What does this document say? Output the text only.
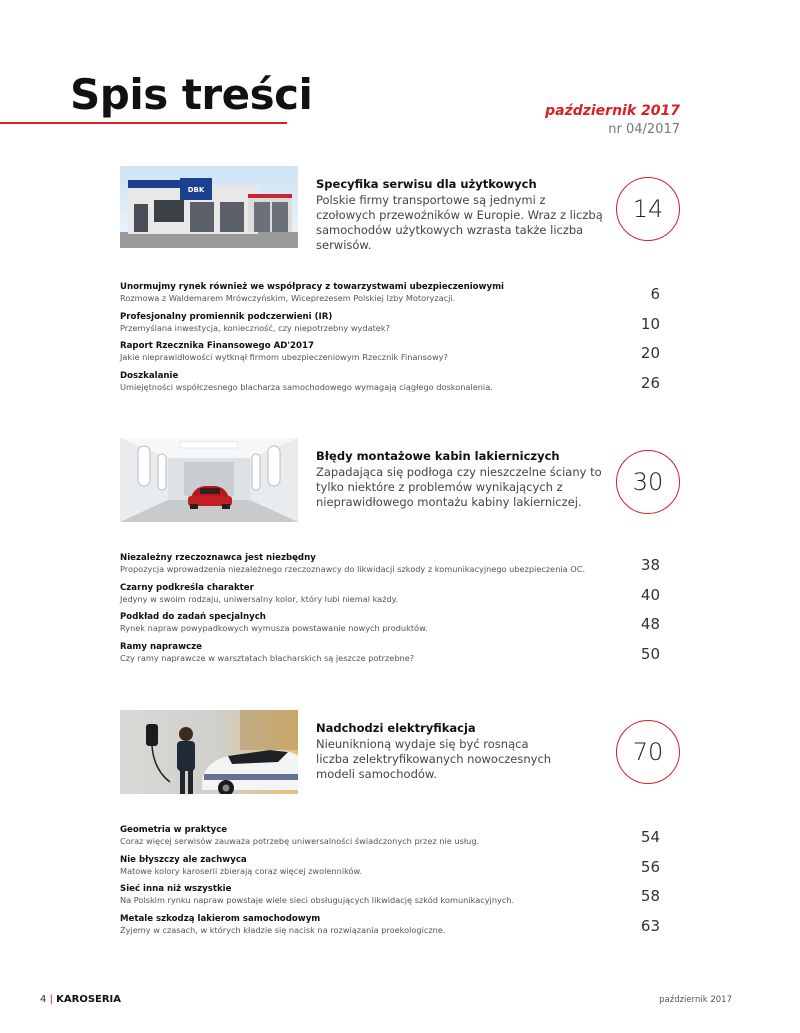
Spis treści	październik 2017
nr 04/2017
DBK	Specyfika serwisu dla użytkowych
Polskie firmy transportowe są jednymi z czołowych przewoźników w Europie. Wraz z liczbą samochodów użytkowych wzrasta także liczba serwisów.
14
Unormujmy rynek również we współpracy z towarzystwami ubezpieczeniowymi
Rozmowa z Waldemarem Mrówczyńskim, Wiceprezesem Polskiej Izby Motoryzacji.	6
Profesjonalny promiennik podczerwieni (IR)
Przemyślana inwestycja, konieczność, czy niepotrzebny wydatek?	10
Raport Rzecznika Finansowego AD'2017
Jakie nieprawidłowości wytknął firmom ubezpieczeniowym Rzecznik Finansowy?	20
Doszkalanie
Umiejętności współczesnego blacharza samochodowego wymagają ciągłego doskonalenia.	26
Błędy montażowe kabin lakierniczych
Zapadająca się podłoga czy nieszczelne ściany to tylko niektóre z problemów wynikających z nieprawidłowego montażu kabiny lakierniczej.
30
Niezależny rzeczoznawca jest niezbędny
Propozycja wprowadzenia niezależnego rzeczoznawcy do likwidacji szkody z komunikacyjnego ubezpieczenia OC.	38
Czarny podkreśla charakter
Jedyny w swoim rodzaju, uniwersalny kolor, który lubi niemal każdy.	40
Podkład do zadań specjalnych
Rynek napraw powypadkowych wymusza powstawanie nowych produktów.	48
Ramy naprawcze
Czy ramy naprawcze w warsztatach blacharskich są jeszcze potrzebne?	50
Nadchodzi elektryfikacja
Nieuniknioną wydaje się być rosnąca liczba zelektryfikowanych nowoczesnych modeli samochodów.
70
Geometria w praktyce
Coraz więcej serwisów zauważa potrzebę uniwersalności świadczonych przez nie usług.	54
Nie błyszczy ale zachwyca
Matowe kolory karoserii zbierają coraz więcej zwolenników.	56
Sieć inna niż wszystkie
Na Polskim rynku napraw powstaje wiele sieci obsługujących likwidację szkód komunikacyjnych.	58
Metale szkodzą lakierom samochodowym
Żyjemy w czasach, w których kładzie się nacisk na rozwiązania proekologiczne.	63
4 | KAROSERIA	październik 2017
